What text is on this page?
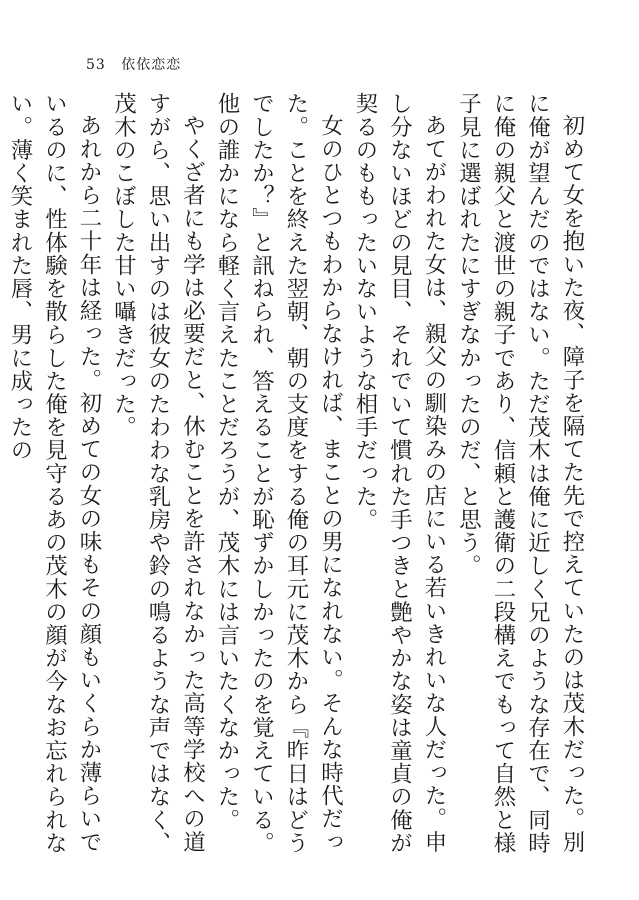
53 依依恋恋

初めて女を抱いた夜、障子を隔てた先で控えていたのは茂木だった。別に俺が望んだのではない。ただ茂木は俺に近しく兄のような存在で、同時に俺の親父と渡世の親子であり、信頼と護衛の二段構えでもって自然と様子見に選ばれたにすぎなかったのだ、と思う。

あてがわれた女は、親父の馴染みの店にいる若いきれいな人だった。申し分ないほどの見目、それでいて慣れた手つきと艶やかな姿は童貞の俺が契るのももったいないような相手だった。

女のひとつもわからなければ、まことの男になれない。そんな時代だった。ことを終えた翌朝、朝の支度をする俺の耳元に茂木から『昨日はどうでしたか？』と訊ねられ、答えることが恥ずかしかったのを覚えている。他の誰かになら軽く言えたことだろうが、茂木には言いたくなかった。

やくざ者にも学は必要だと、休むことを許されなかった高等学校への道すがら、思い出すのは彼女のたわわな乳房や鈴の鳴るような声ではなく、茂木のこぼした甘い囁きだった。

あれから二十年は経った。初めての女の味もその顔もいくらか薄らいでいるのに、性体験を散らした俺を見守るあの茂木の顔が今なお忘れられない。薄く笑まれた唇、男に成ったの
